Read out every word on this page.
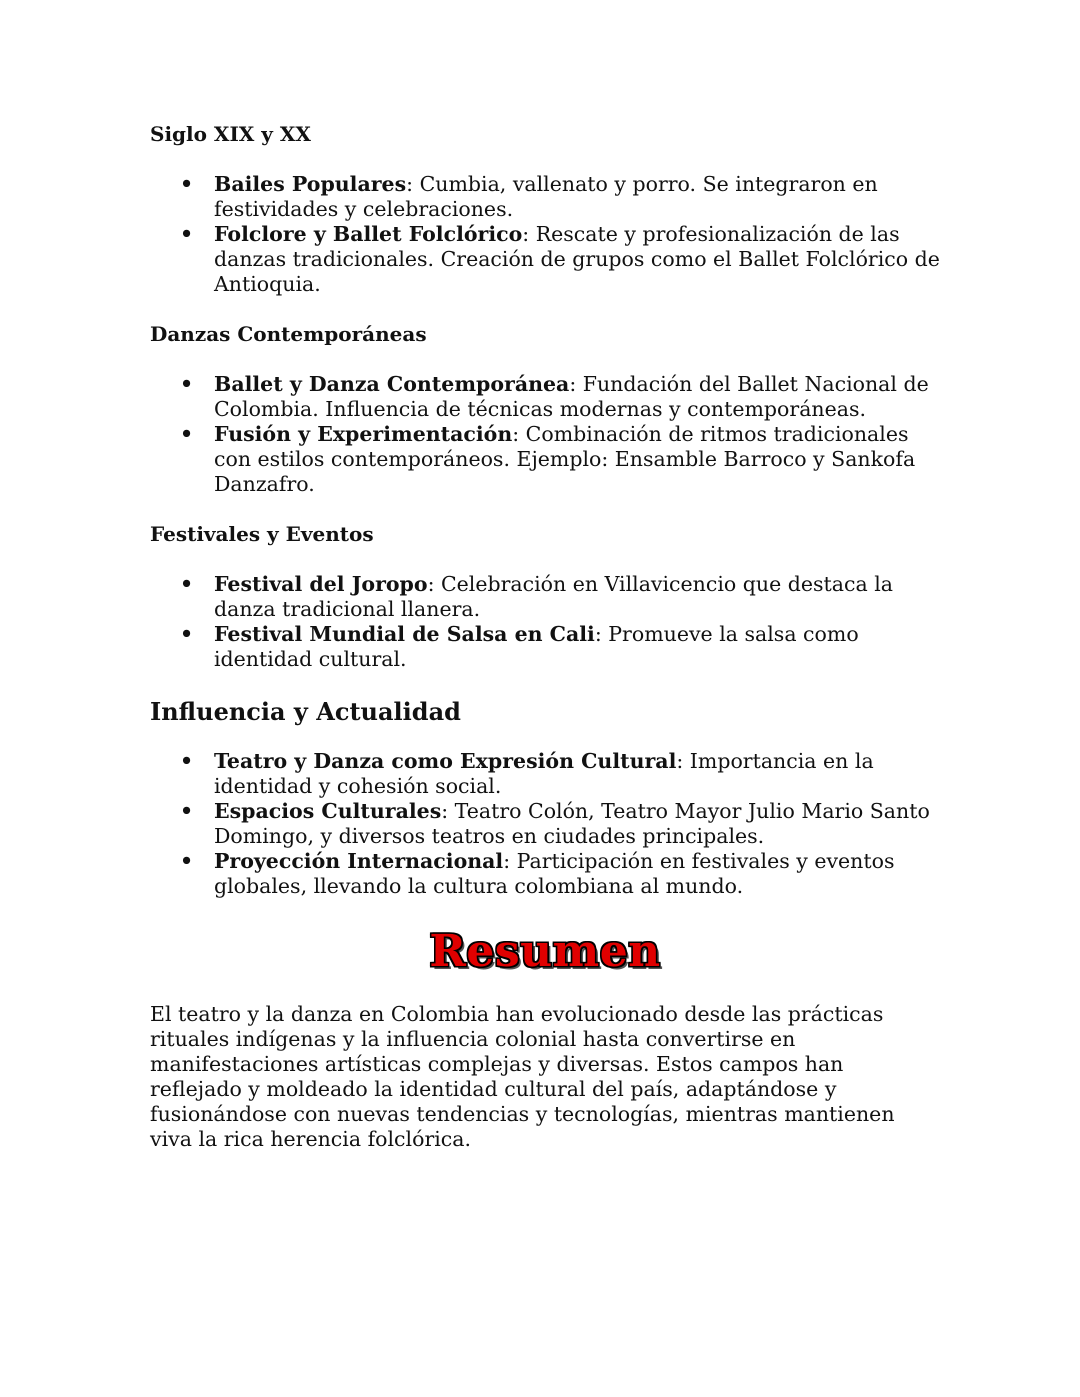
Siglo XIX y XX
• Bailes Populares: Cumbia, vallenato y porro. Se integraron en festividades y celebraciones.
• Folclore y Ballet Folclórico: Rescate y profesionalización de las danzas tradicionales. Creación de grupos como el Ballet Folclórico de Antioquia.
Danzas Contemporáneas
• Ballet y Danza Contemporánea: Fundación del Ballet Nacional de Colombia. Influencia de técnicas modernas y contemporáneas.
• Fusión y Experimentación: Combinación de ritmos tradicionales con estilos contemporáneos. Ejemplo: Ensamble Barroco y Sankofa Danzafro.
Festivales y Eventos
• Festival del Joropo: Celebración en Villavicencio que destaca la danza tradicional llanera.
• Festival Mundial de Salsa en Cali: Promueve la salsa como identidad cultural.
Influencia y Actualidad
• Teatro y Danza como Expresión Cultural: Importancia en la identidad y cohesión social.
• Espacios Culturales: Teatro Colón, Teatro Mayor Julio Mario Santo Domingo, y diversos teatros en ciudades principales.
• Proyección Internacional: Participación en festivales y eventos globales, llevando la cultura colombiana al mundo.
Resumen

El teatro y la danza en Colombia han evolucionado desde las prácticas rituales indígenas y la influencia colonial hasta convertirse en manifestaciones artísticas complejas y diversas. Estos campos han reflejado y moldeado la identidad cultural del país, adaptándose y fusionándose con nuevas tendencias y tecnologías, mientras mantienen viva la rica herencia folclórica.
